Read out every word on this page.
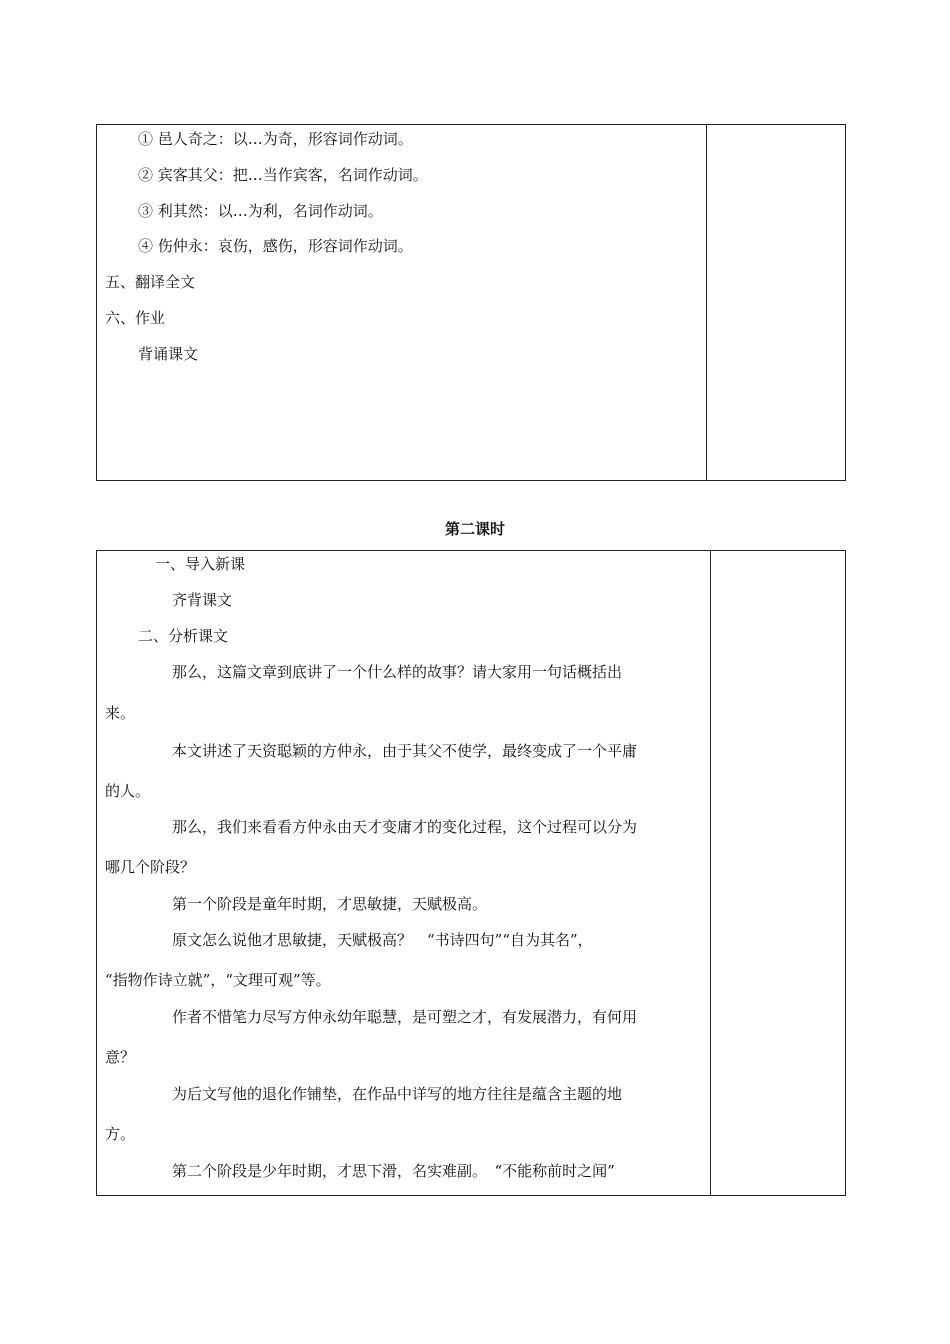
① 邑人奇之：以…为奇，形容词作动词。
② 宾客其父：把…当作宾客，名词作动词。
③ 利其然：以…为利，名词作动词。
④ 伤仲永：哀伤，感伤，形容词作动词。
五、翻译全文
六、作业
背诵课文
第二课时
一、导入新课
齐背课文
二、分析课文
那么，这篇文章到底讲了一个什么样的故事？请大家用一句话概括出
来。
本文讲述了天资聪颖的方仲永，由于其父不使学，最终变成了一个平庸
的人。
那么，我们来看看方仲永由天才变庸才的变化过程，这个过程可以分为
哪几个阶段？
第一个阶段是童年时期，才思敏捷，天赋极高。
原文怎么说他才思敏捷，天赋极高？　“书诗四句”“自为其名”，
“指物作诗立就”，“文理可观”等。
作者不惜笔力尽写方仲永幼年聪慧，是可塑之才，有发展潜力，有何用
意？
为后文写他的退化作铺垫，在作品中详写的地方往往是蕴含主题的地
方。
第二个阶段是少年时期，才思下滑，名实难副。　“不能称前时之闻”
